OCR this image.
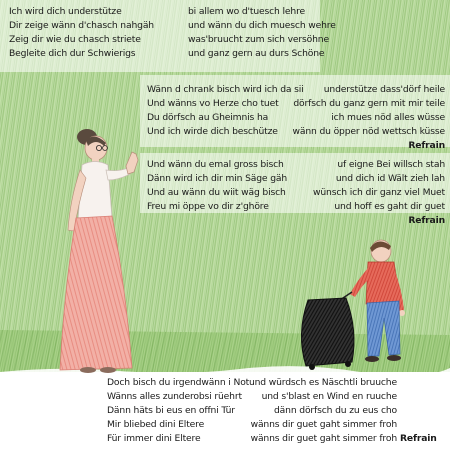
Ich wird dich understütze
Dir zeige wänn d'chasch nahgäh
Zeig dir wie du chasch striete
Begleite dich dur Schwierigs
bi allem wo d'tuesch lehre
und wänn du dich muesch wehre
was'bruucht zum sich versöhne
und ganz gern au durs Schöne
Wänn d chrank bisch wird ich da sii
Und wänns vo Herze cho tuet
Du dörfsch au Gheimnis ha
Und ich wirde dich beschütze
understütze dass'dörf heile
dörfsch du ganz gern mit mir teile
ich mues nöd alles wüsse
wänn du öpper nöd wettsch küsse
Refrain
Und wänn du emal gross bisch
Dänn wird ich dir min Säge gäh
Und au wänn du wiit wäg bisch
Freu mi öppe vo dir z'ghöre
uf eigne Bei willsch stah
und dich id Wält zieh lah
wünsch ich dir ganz viel Muet
und hoff es gaht dir guet
Refrain
Doch bisch du irgendwänn i Not
Wänns alles zunderobsi rüehrt
Dänn häts bi eus en offni Tür
Mir bliebed dini Eltere
Für immer dini Eltere
und würdsch es Näschtli bruuche
und s'blast en Wind en ruuche
dänn dörfsch du zu eus cho
wänns dir guet gaht simmer froh
wänns dir guet gaht simmer froh Refrain
